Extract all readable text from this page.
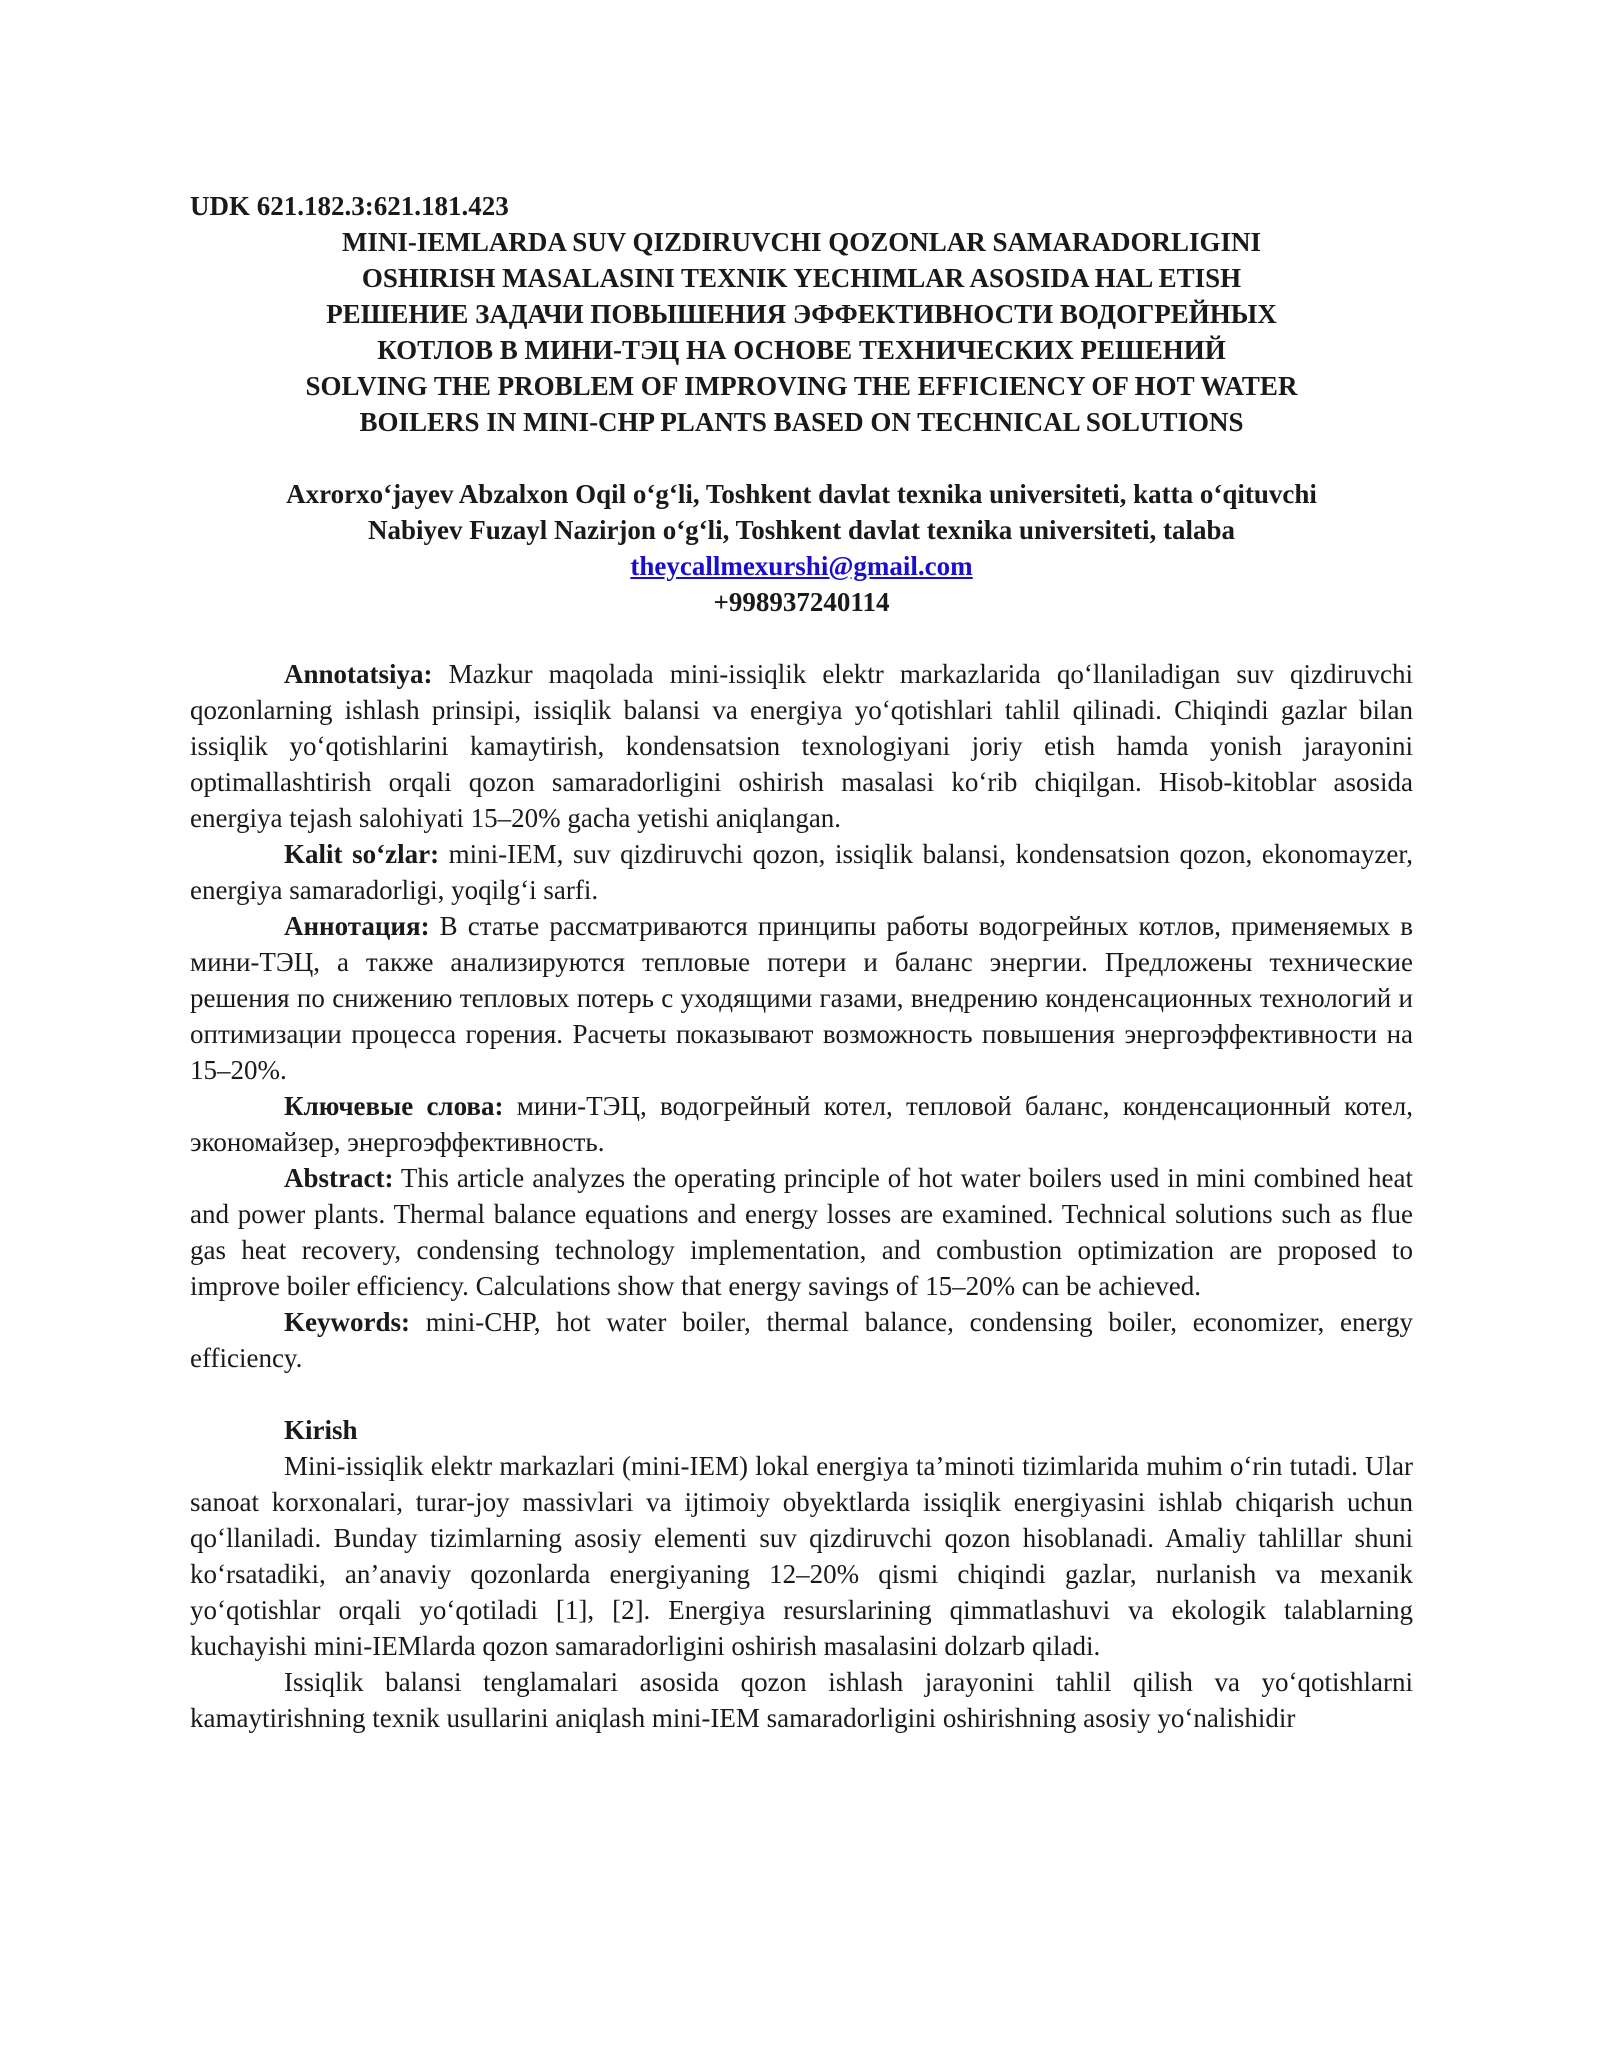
UDK 621.182.3:621.181.423

MINI-IEMLARDA SUV QIZDIRUVCHI QOZONLAR SAMARADORLIGINI

OSHIRISH MASALASINI TEXNIK YECHIMLAR ASOSIDA HAL ETISH

РЕШЕНИЕ ЗАДАЧИ ПОВЫШЕНИЯ ЭФФЕКТИВНОСТИ ВОДОГРЕЙНЫХ

КОТЛОВ В МИНИ-ТЭЦ НА ОСНОВЕ ТЕХНИЧЕСКИХ РЕШЕНИЙ

SOLVING THE PROBLEM OF IMPROVING THE EFFICIENCY OF HOT WATER

BOILERS IN MINI-CHP PLANTS BASED ON TECHNICAL SOLUTIONS

Axrorxoʻjayev Abzalxon Oqil oʻgʻli, Toshkent davlat texnika universiteti, katta oʻqituvchi

Nabiyev Fuzayl Nazirjon oʻgʻli, Toshkent davlat texnika universiteti, talaba

theycallmexurshi@gmail.com

+998937240114

Annotatsiya: Mazkur maqolada mini-issiqlik elektr markazlarida qoʻllaniladigan suv qizdiruvchi qozonlarning ishlash prinsipi, issiqlik balansi va energiya yoʻqotishlari tahlil qilinadi. Chiqindi gazlar bilan issiqlik yoʻqotishlarini kamaytirish, kondensatsion texnologiyani joriy etish hamda yonish jarayonini optimallashtirish orqali qozon samaradorligini oshirish masalasi koʻrib chiqilgan. Hisob-kitoblar asosida energiya tejash salohiyati 15–20% gacha yetishi aniqlangan.

Kalit soʻzlar: mini-IEM, suv qizdiruvchi qozon, issiqlik balansi, kondensatsion qozon, ekonomayzer, energiya samaradorligi, yoqilgʻi sarfi.

Аннотация: В статье рассматриваются принципы работы водогрейных котлов, применяемых в мини-ТЭЦ, а также анализируются тепловые потери и баланс энергии. Предложены технические решения по снижению тепловых потерь с уходящими газами, внедрению конденсационных технологий и оптимизации процесса горения. Расчеты показывают возможность повышения энергоэффективности на 15–20%.

Ключевые слова: мини-ТЭЦ, водогрейный котел, тепловой баланс, конденсационный котел, экономайзер, энергоэффективность.

Abstract: This article analyzes the operating principle of hot water boilers used in mini combined heat and power plants. Thermal balance equations and energy losses are examined. Technical solutions such as flue gas heat recovery, condensing technology implementation, and combustion optimization are proposed to improve boiler efficiency. Calculations show that energy savings of 15–20% can be achieved.

Keywords: mini-CHP, hot water boiler, thermal balance, condensing boiler, economizer, energy efficiency.

Kirish

Mini-issiqlik elektr markazlari (mini-IEM) lokal energiya ta’minoti tizimlarida muhim oʻrin tutadi. Ular sanoat korxonalari, turar-joy massivlari va ijtimoiy obyektlarda issiqlik energiyasini ishlab chiqarish uchun qoʻllaniladi. Bunday tizimlarning asosiy elementi suv qizdiruvchi qozon hisoblanadi. Amaliy tahlillar shuni koʻrsatadiki, an’anaviy qozonlarda energiyaning 12–20% qismi chiqindi gazlar, nurlanish va mexanik yoʻqotishlar orqali yoʻqotiladi [1], [2]. Energiya resurslarining qimmatlashuvi va ekologik talablarning kuchayishi mini-IEMlarda qozon samaradorligini oshirish masalasini dolzarb qiladi.

Issiqlik balansi tenglamalari asosida qozon ishlash jarayonini tahlil qilish va yoʻqotishlarni kamaytirishning texnik usullarini aniqlash mini-IEM samaradorligini oshirishning asosiy yoʻnalishidir
